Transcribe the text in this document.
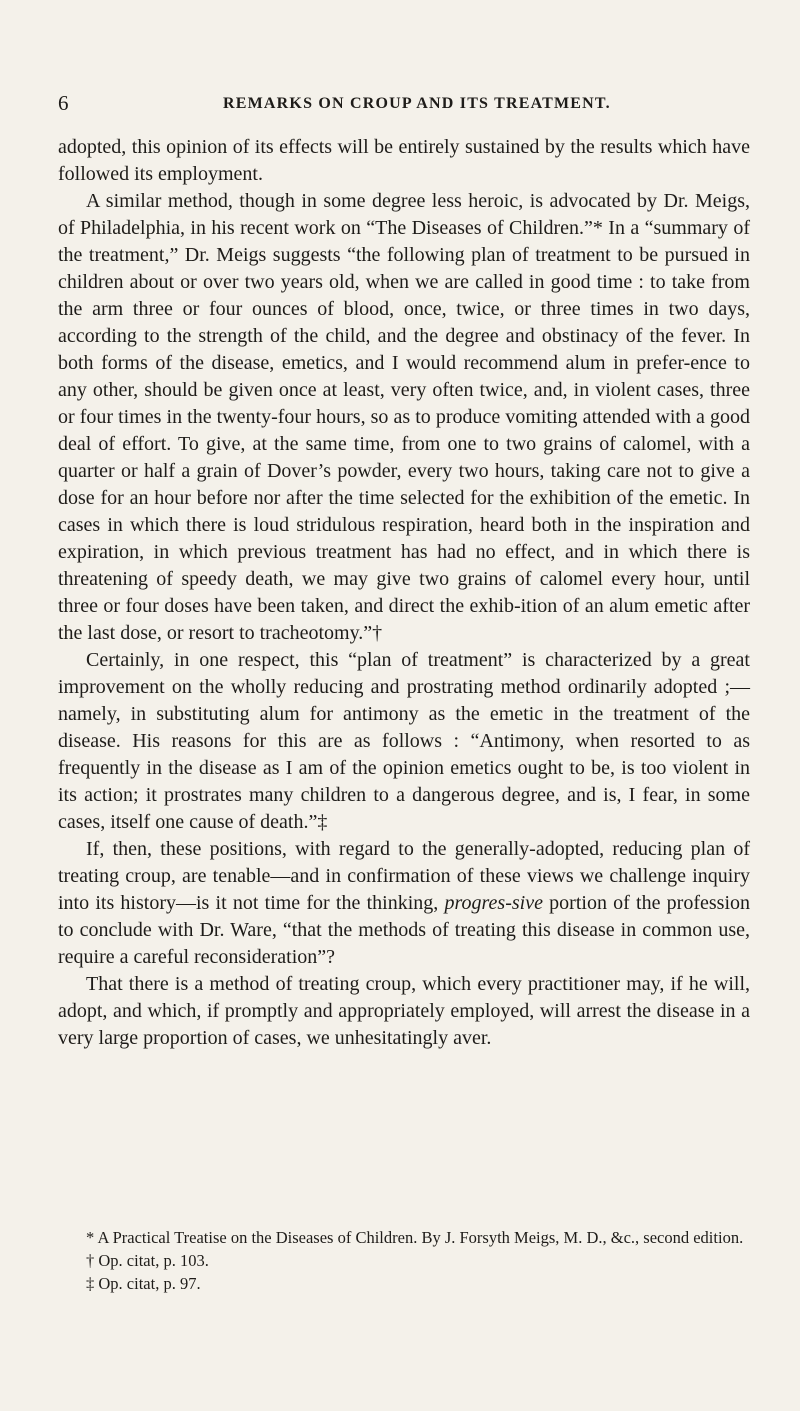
6	REMARKS ON CROUP AND ITS TREATMENT.

adopted, this opinion of its effects will be entirely sustained by the results which have followed its employment.

A similar method, though in some degree less heroic, is advocated by Dr. Meigs, of Philadelphia, in his recent work on “The Diseases of Children.”* In a “summary of the treatment,” Dr. Meigs suggests “the following plan of treatment to be pursued in children about or over two years old, when we are called in good time : to take from the arm three or four ounces of blood, once, twice, or three times in two days, according to the strength of the child, and the degree and obstinacy of the fever. In both forms of the disease, emetics, and I would recommend alum in prefer-ence to any other, should be given once at least, very often twice, and, in violent cases, three or four times in the twenty-four hours, so as to produce vomiting attended with a good deal of effort. To give, at the same time, from one to two grains of calomel, with a quarter or half a grain of Dover’s powder, every two hours, taking care not to give a dose for an hour before nor after the time selected for the exhibition of the emetic. In cases in which there is loud stridulous respiration, heard both in the inspiration and expiration, in which previous treatment has had no effect, and in which there is threatening of speedy death, we may give two grains of calomel every hour, until three or four doses have been taken, and direct the exhib-ition of an alum emetic after the last dose, or resort to tracheotomy.”†

Certainly, in one respect, this “plan of treatment” is characterized by a great improvement on the wholly reducing and prostrating method ordinarily adopted ;—namely, in substituting alum for antimony as the emetic in the treatment of the disease. His reasons for this are as follows : “Antimony, when resorted to as frequently in the disease as I am of the opinion emetics ought to be, is too violent in its action; it prostrates many children to a dangerous degree, and is, I fear, in some cases, itself one cause of death.”‡

If, then, these positions, with regard to the generally-adopted, reducing plan of treating croup, are tenable—and in confirmation of these views we challenge inquiry into its history—is it not time for the thinking, progres-sive portion of the profession to conclude with Dr. Ware, “that the methods of treating this disease in common use, require a careful reconsideration”?

That there is a method of treating croup, which every practitioner may, if he will, adopt, and which, if promptly and appropriately employed, will arrest the disease in a very large proportion of cases, we unhesitatingly aver.

* A Practical Treatise on the Diseases of Children. By J. Forsyth Meigs, M. D., &c., second edition.

† Op. citat, p. 103.

‡ Op. citat, p. 97.
